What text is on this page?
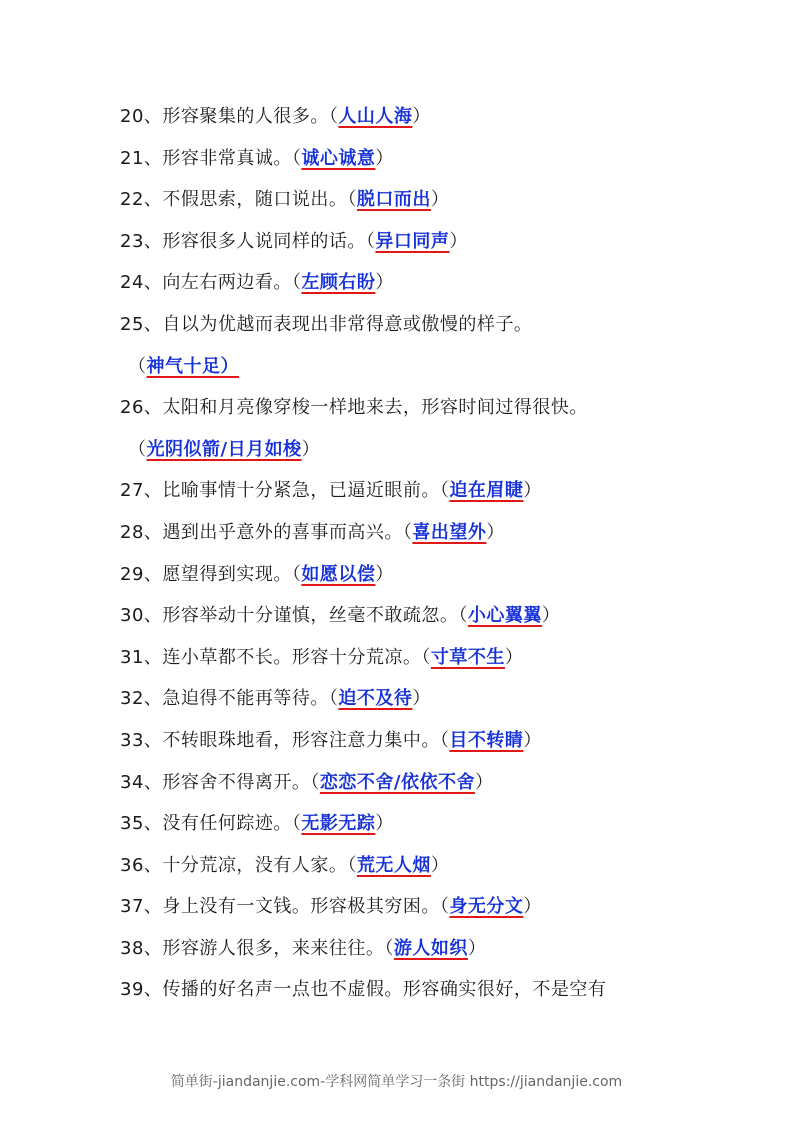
20、形容聚集的人很多。（人山人海）
21、形容非常真诚。（诚心诚意）
22、不假思索，随口说出。（脱口而出）
23、形容很多人说同样的话。（异口同声）
24、向左右两边看。（左顾右盼）
25、自以为优越而表现出非常得意或傲慢的样子。
（神气十足）
26、太阳和月亮像穿梭一样地来去，形容时间过得很快。
（光阴似箭/日月如梭）
27、比喻事情十分紧急，已逼近眼前。（迫在眉睫）
28、遇到出乎意外的喜事而高兴。（喜出望外）
29、愿望得到实现。（如愿以偿）
30、形容举动十分谨慎，丝毫不敢疏忽。（小心翼翼）
31、连小草都不长。形容十分荒凉。（寸草不生）
32、急迫得不能再等待。（迫不及待）
33、不转眼珠地看，形容注意力集中。（目不转睛）
34、形容舍不得离开。（恋恋不舍/依依不舍）
35、没有任何踪迹。（无影无踪）
36、十分荒凉，没有人家。（荒无人烟）
37、身上没有一文钱。形容极其穷困。（身无分文）
38、形容游人很多，来来往往。（游人如织）
39、传播的好名声一点也不虚假。形容确实很好，不是空有
简单街-jiandanjie.com-学科网简单学习一条街 https://jiandanjie.com
